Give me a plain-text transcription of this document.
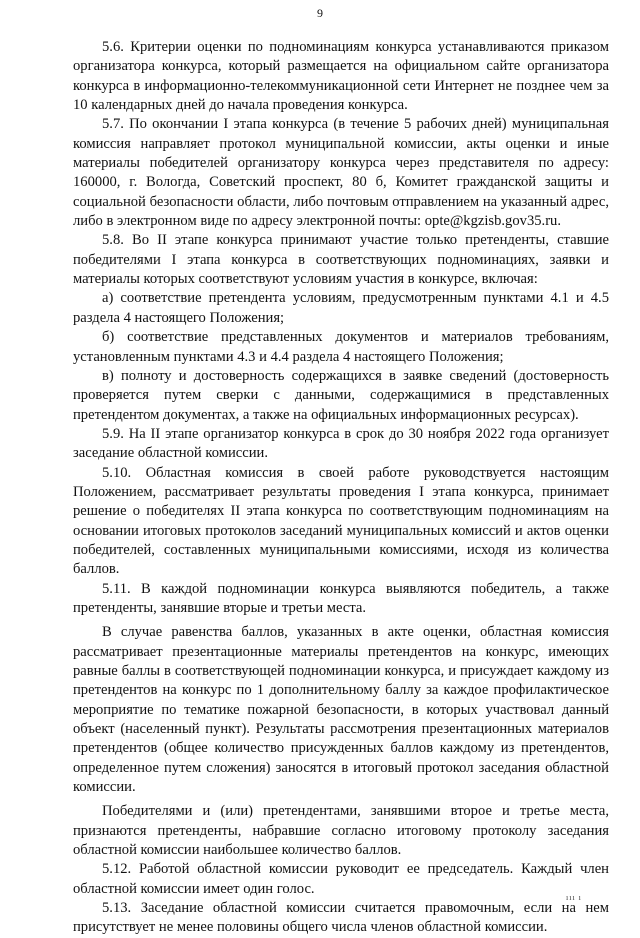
9

5.6. Критерии оценки по подноминациям конкурса устанавливаются приказом организатора конкурса, который размещается на официальном сайте организатора конкурса в информационно-телекоммуникационной сети Интернет не позднее чем за 10 календарных дней до начала проведения конкурса.

5.7. По окончании I этапа конкурса (в течение 5 рабочих дней) муниципальная комиссия направляет протокол муниципальной комиссии, акты оценки и иные материалы победителей организатору конкурса через представителя по адресу: 160000, г. Вологда, Советский проспект, 80 б, Комитет гражданской защиты и социальной безопасности области, либо почтовым отправлением на указанный адрес, либо в электронном виде по адресу электронной почты: opte@kgzisb.gov35.ru.

5.8. Во II этапе конкурса принимают участие только претенденты, ставшие победителями I этапа конкурса в соответствующих подноминациях, заявки и материалы которых соответствуют условиям участия в конкурсе, включая:

а) соответствие претендента условиям, предусмотренным пунктами 4.1 и 4.5 раздела 4 настоящего Положения;

б) соответствие представленных документов и материалов требованиям, установленным пунктами 4.3 и 4.4 раздела 4 настоящего Положения;

в) полноту и достоверность содержащихся в заявке сведений (достоверность проверяется путем сверки с данными, содержащимися в представленных претендентом документах, а также на официальных информационных ресурсах).

5.9. На II этапе организатор конкурса в срок до 30 ноября 2022 года организует заседание областной комиссии.

5.10. Областная комиссия в своей работе руководствуется настоящим Положением, рассматривает результаты проведения I этапа конкурса, принимает решение о победителях II этапа конкурса по соответствующим подноминациям на основании итоговых протоколов заседаний муниципальных комиссий и актов оценки победителей, составленных муниципальными комиссиями, исходя из количества баллов.

5.11. В каждой подноминации конкурса выявляются победитель, а также претенденты, занявшие вторые и третьи места.

В случае равенства баллов, указанных в акте оценки, областная комиссия рассматривает презентационные материалы претендентов на конкурс, имеющих равные баллы в соответствующей подноминации конкурса, и присуждает каждому из претендентов на конкурс по 1 дополнительному баллу за каждое профилактическое мероприятие по тематике пожарной безопасности, в которых участвовал данный объект (населенный пункт). Результаты рассмотрения презентационных материалов претендентов (общее количество присужденных баллов каждому из претендентов, определенное путем сложения) заносятся в итоговый протокол заседания областной комиссии.

Победителями и (или) претендентами, занявшими второе и третье места, признаются претенденты, набравшие согласно итоговому протоколу заседания областной комиссии наибольшее количество баллов.

5.12. Работой областной комиссии руководит ее председатель. Каждый член областной комиссии имеет один голос.

5.13. Заседание областной комиссии считается правомочным, если на нем присутствует не менее половины общего числа членов областной комиссии.

ııı ı
